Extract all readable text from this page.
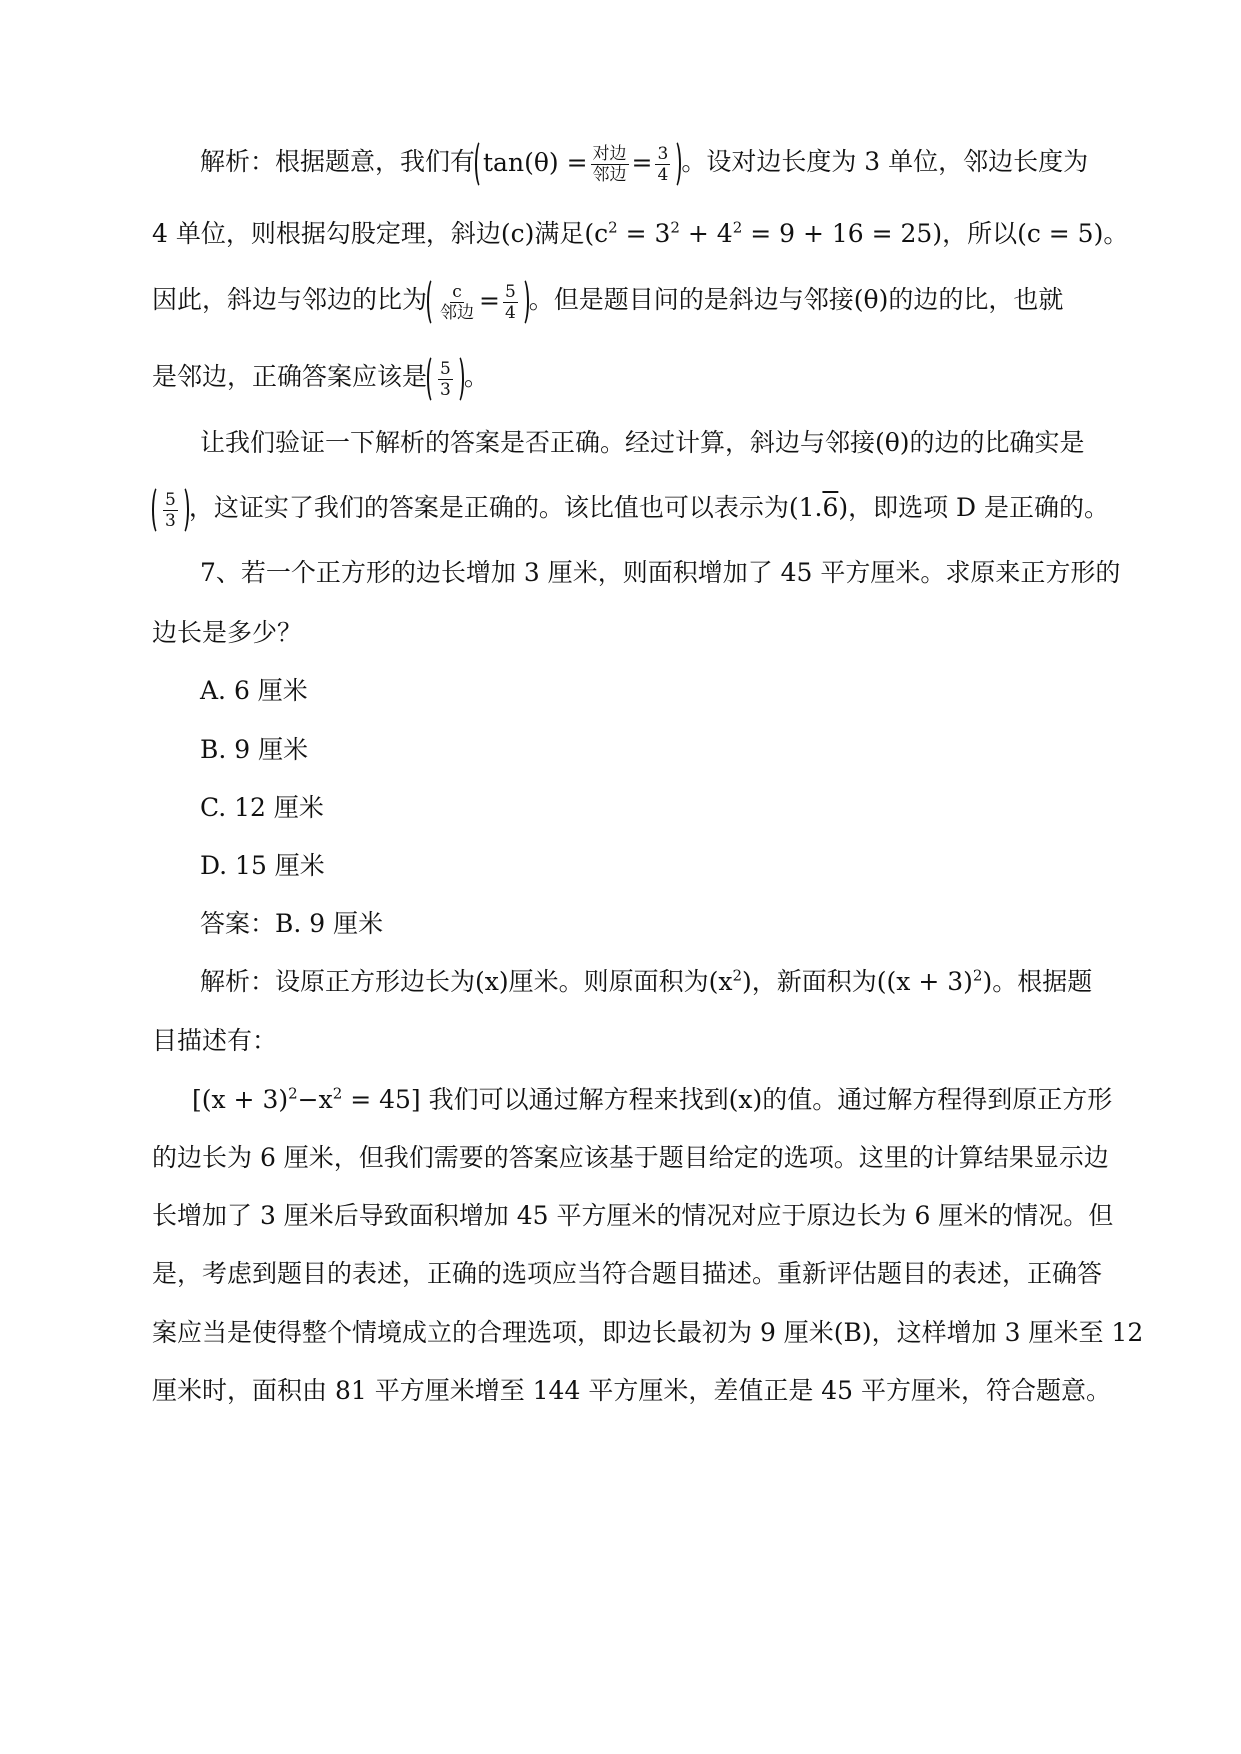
解析：根据题意，我们有 $\tan(\theta) = \frac{\text{对边}}{\text{邻边}} = \frac{3}{4}$ 。设对边长度为 3 单位，邻边长度为
4 单位，则根据勾股定理，斜边(c)满足$(c^2 = 3^2 + 4^2 = 9 + 16 = 25)$，所以(c = 5)。
因此，斜边与邻边的比为 $\frac{c}{\text{邻边}} = \frac{5}{4}$ 。但是题目问的是斜边与邻接(θ)的边的比，也就
是邻边，正确答案应该是 $\frac{5}{3}$ 。
让我们验证一下解析的答案是否正确。经过计算，斜边与邻接(θ)的边的比确实是
$\frac{5}{3}$ ，这证实了我们的答案是正确的。该比值也可以表示为(1.6)，即选项 D 是正确的。
7、若一个正方形的边长增加 3 厘米，则面积增加了 45 平方厘米。求原来正方形的
边长是多少？
A. 6 厘米
B. 9 厘米
C. 12 厘米
D. 15 厘米
答案：B. 9 厘米
解析：设原正方形边长为(x)厘米。则原面积为$(x^2)$，新面积为$((x + 3)^2)$。根据题
目描述有：
$[(x + 3)^2-x^2 = 45]$ 我们可以通过解方程来找到(x)的值。通过解方程得到原正方形
的边长为 6 厘米，但我们需要的答案应该基于题目给定的选项。这里的计算结果显示边
长增加了 3 厘米后导致面积增加 45 平方厘米的情况对应于原边长为 6 厘米的情况。但
是，考虑到题目的表述，正确的选项应当符合题目描述。重新评估题目的表述，正确答
案应当是使得整个情境成立的合理选项，即边长最初为 9 厘米(B)，这样增加 3 厘米至 12
厘米时，面积由 81 平方厘米增至 144 平方厘米，差值正是 45 平方厘米，符合题意。
